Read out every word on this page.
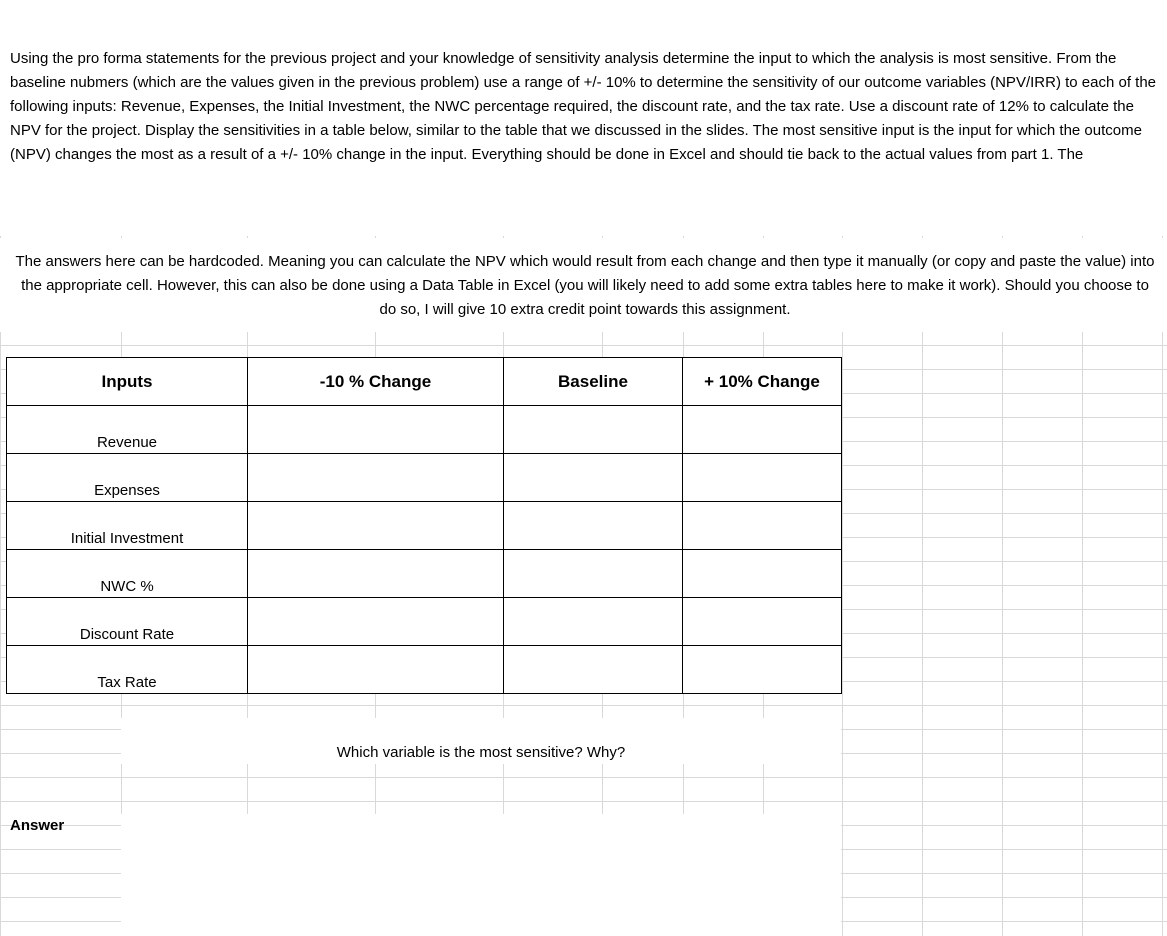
Using the pro forma statements for the previous project and your knowledge of sensitivity analysis determine the input to which the analysis is most sensitive. From the baseline nubmers (which are the values given in the previous problem) use a range of +/- 10% to determine the sensitivity of our outcome variables (NPV/IRR) to each of the following inputs: Revenue, Expenses, the Initial Investment, the NWC percentage required, the discount rate, and the tax rate. Use a discount rate of 12% to calculate the NPV for the project. Display the sensitivities in a table below, similar to the table that we discussed in the slides. The most sensitive input is the input for which the outcome (NPV) changes the most as a result of a +/- 10% change in the input. Everything should be done in Excel and should tie back to the actual values from part 1. The
The answers here can be hardcoded. Meaning you can calculate the NPV which would result from each change and then type it manually (or copy and paste the value) into the appropriate cell. However, this can also be done using a Data Table in Excel (you will likely need to add some extra tables here to make it work). Should you choose to do so, I will give 10 extra credit point towards this assignment.
Inputs	-10 % Change	Baseline	+ 10% Change

Revenue			

Expenses			

Initial Investment			

NWC %			

Discount Rate			

Tax Rate			

Which variable is the most sensitive? Why?
Answer
